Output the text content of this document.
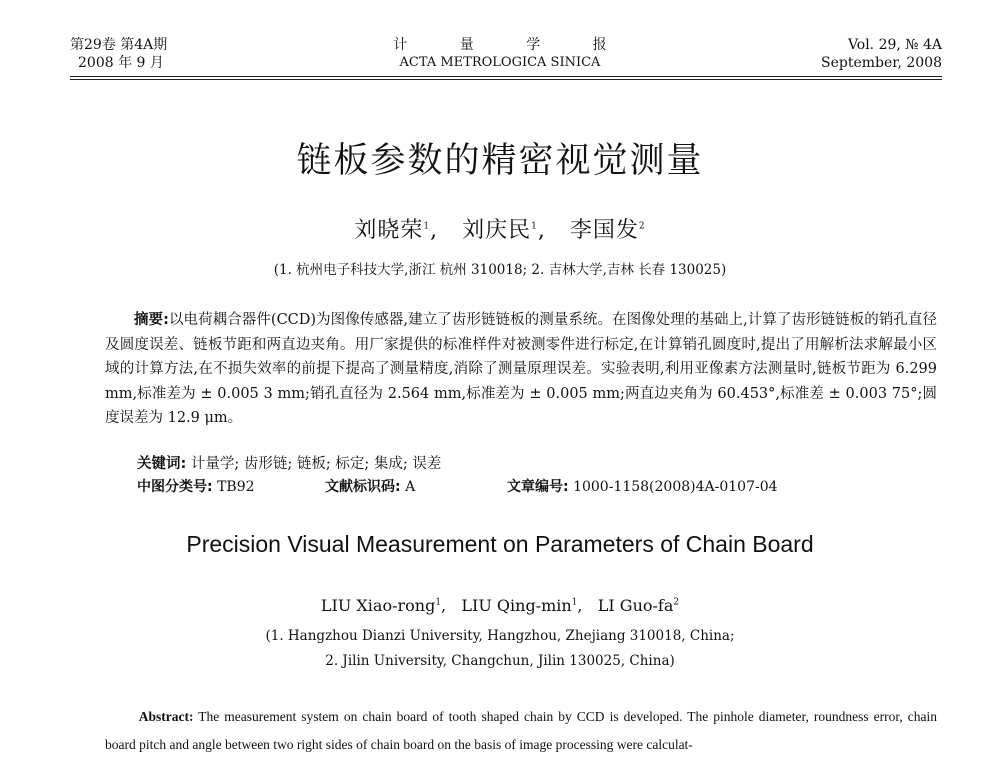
第29卷 第4A期
2008 年 9 月
计	量	学	报
ACTA METROLOGICA SINICA
Vol. 29, № 4A
September, 2008
链板参数的精密视觉测量
刘晓荣$^1$,   刘庆民$^1$,   李国发$^2$
(1. 杭州电子科技大学,浙江 杭州 310018; 2. 吉林大学,吉林 长春 130025)
摘要:以电荷耦合器件(CCD)为图像传感器,建立了齿形链链板的测量系统。在图像处理的基础上,计算了齿形链链板的销孔直径及圆度误差、链板节距和两直边夹角。用厂家提供的标准样件对被测零件进行标定,在计算销孔圆度时,提出了用解析法求解最小区域的计算方法,在不损失效率的前提下提高了测量精度,消除了测量原理误差。实验表明,利用亚像素方法测量时,链板节距为 6.299 mm,标准差为 ± 0.005 3 mm;销孔直径为 2.564 mm,标准差为 ± 0.005 mm;两直边夹角为 60.453°,标准差 ± 0.003 75°;圆度误差为 12.9 μm。
关键词: 计量学; 齿形链; 链板; 标定; 集成; 误差
中图分类号: TB92	文献标识码: A	文章编号: 1000-1158(2008)4A-0107-04
Precision Visual Measurement on Parameters of Chain Board
LIU Xiao-rong$^1$,   LIU Qing-$\min^1$,   LI Guo-$fa^2$
(1. Hangzhou Dianzi University, Hangzhou, Zhejiang 310018, China;
2. Jilin University, Changchun, Jilin 130025, China)
Abstract: The measurement system on chain board of tooth shaped chain by CCD is developed. The pinhole diameter, roundness error, chain board pitch and angle between two right sides of chain board on the basis of image processing were calculat-
